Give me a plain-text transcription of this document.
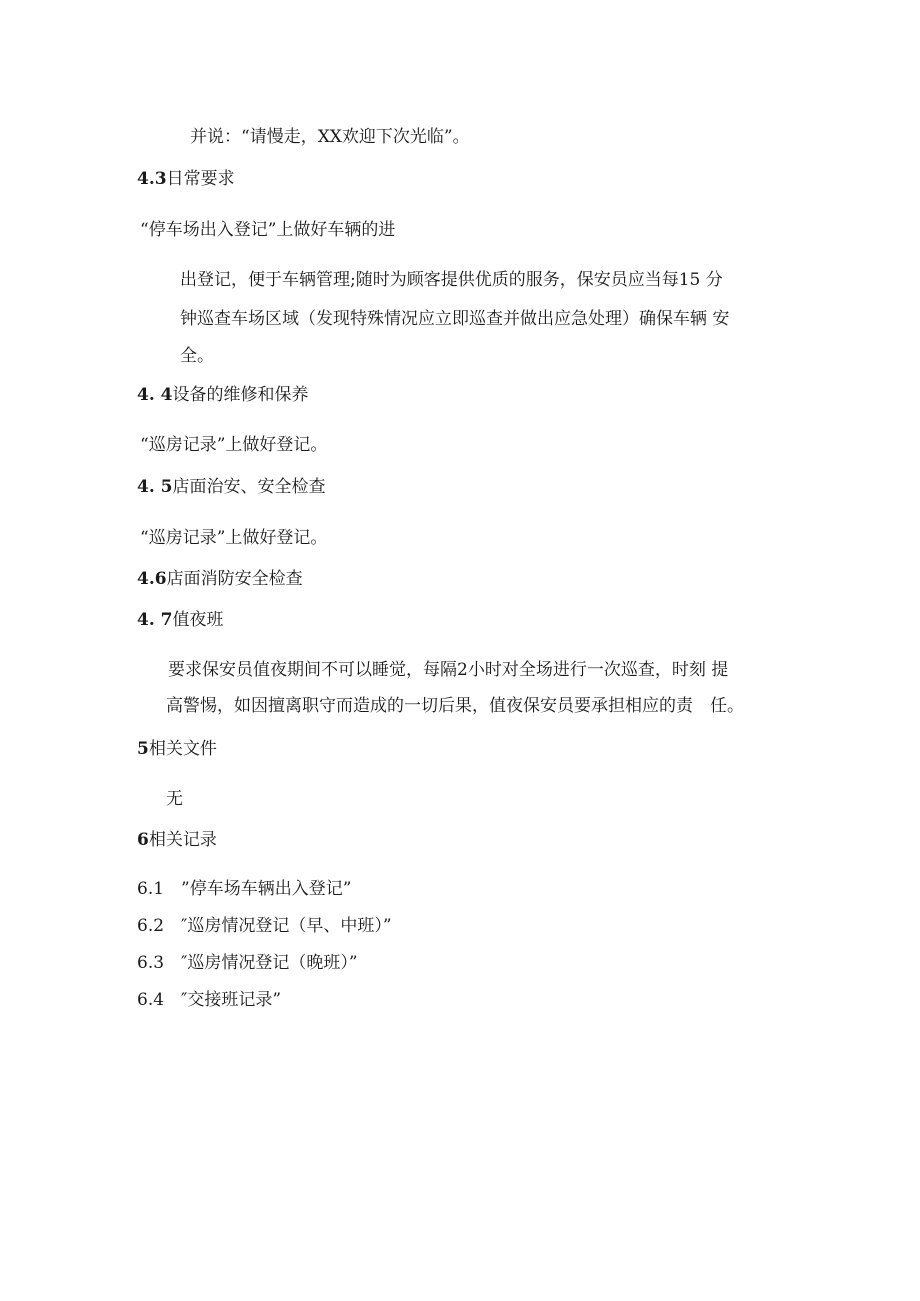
并说：“请慢走，XX欢迎下次光临”。
4.3日常要求
“停车场出入登记”上做好车辆的进
出登记，便于车辆管理;随时为顾客提供优质的服务，保安员应当每15 分
钟巡查车场区域（发现特殊情况应立即巡查并做出应急处理）确保车辆 安
全。
4. 4设备的维修和保养
“巡房记录”上做好登记。
4. 5店面治安、安全检查
“巡房记录”上做好登记。
4.6店面消防安全检查
4. 7值夜班
要求保安员值夜期间不可以睡觉，每隔2小时对全场进行一次巡查，时刻 提
高警惕，如因擅离职守而造成的一切后果，值夜保安员要承担相应的责　任。
5相关文件
无
6相关记录
6.1　”停车场车辆出入登记”
6.2　″巡房情况登记（早、中班）”
6.3　″巡房情况登记（晚班）”
6.4　″交接班记录”
